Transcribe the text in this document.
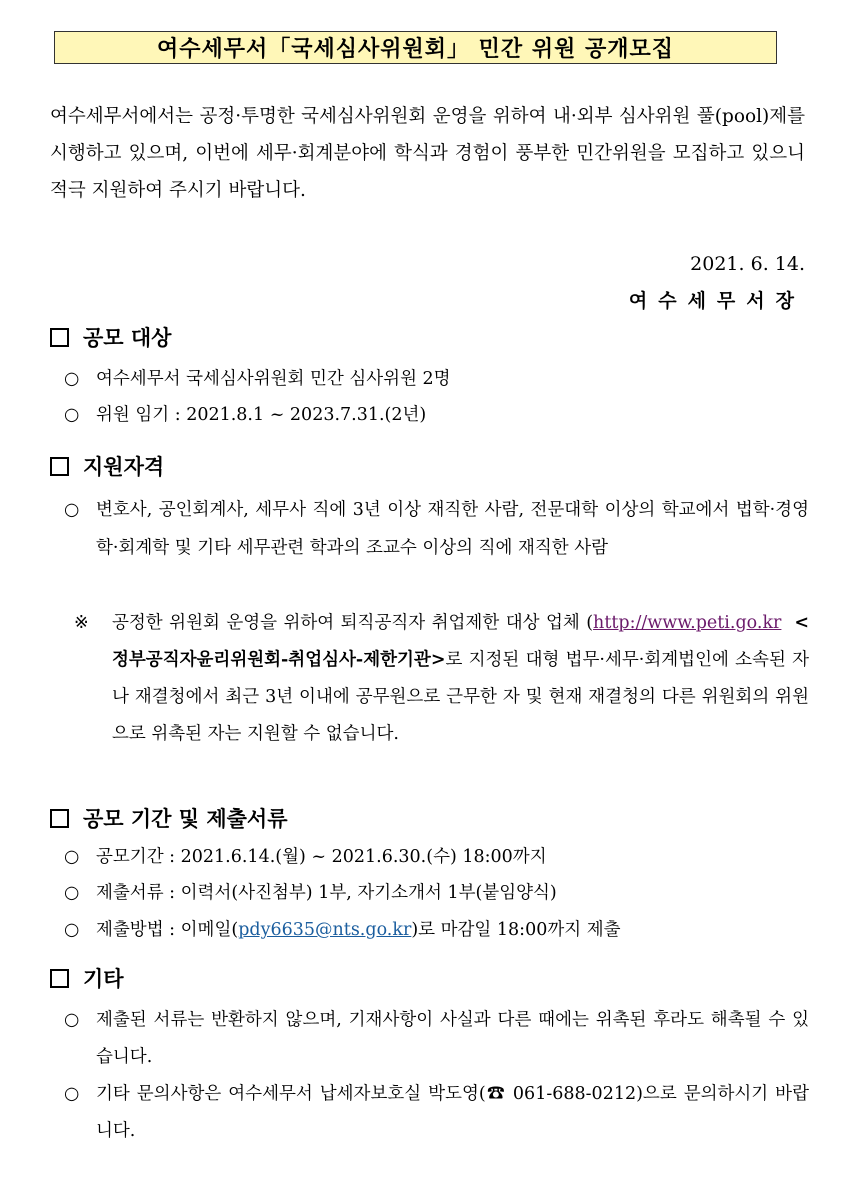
여수세무서「국세심사위원회」 민간 위원 공개모집
여수세무서에서는 공정·투명한 국세심사위원회 운영을 위하여 내·외부 심사위원 풀(pool)제를 시행하고 있으며, 이번에 세무·회계분야에 학식과 경험이 풍부한 민간위원을 모집하고 있으니 적극 지원하여 주시기 바랍니다.
2021. 6. 14.
여수세무서장
공모 대상
○ 여수세무서 국세심사위원회 민간 심사위원 2명
○ 위원 임기 : 2021.8.1 ~ 2023.7.31.(2년)
지원자격
○ 변호사, 공인회계사, 세무사 직에 3년 이상 재직한 사람, 전문대학 이상의 학교에서 법학·경영학·회계학 및 기타 세무관련 학과의 조교수 이상의 직에 재직한 사람
※	공정한 위원회 운영을 위하여 퇴직공직자 취업제한 대상 업체 (http://www.peti.go.kr <정부공직자윤리위원회-취업심사-제한기관>로 지정된 대형 법무·세무·회계법인에 소속된 자나 재결청에서 최근 3년 이내에 공무원으로 근무한 자 및 현재 재결청의 다른 위원회의 위원으로 위촉된 자는 지원할 수 없습니다.
공모 기간 및 제출서류
○ 공모기간 : 2021.6.14.(월) ~ 2021.6.30.(수) 18:00까지
○ 제출서류 : 이력서(사진첨부) 1부, 자기소개서 1부(붙임양식)
○ 제출방법 : 이메일(pdy6635@nts.go.kr)로 마감일 18:00까지 제출
기타
○ 제출된 서류는 반환하지 않으며, 기재사항이 사실과 다른 때에는 위촉된 후라도 해촉될 수 있습니다.
○ 기타 문의사항은 여수세무서 납세자보호실 박도영(☎ 061-688-0212)으로 문의하시기 바랍니다.
